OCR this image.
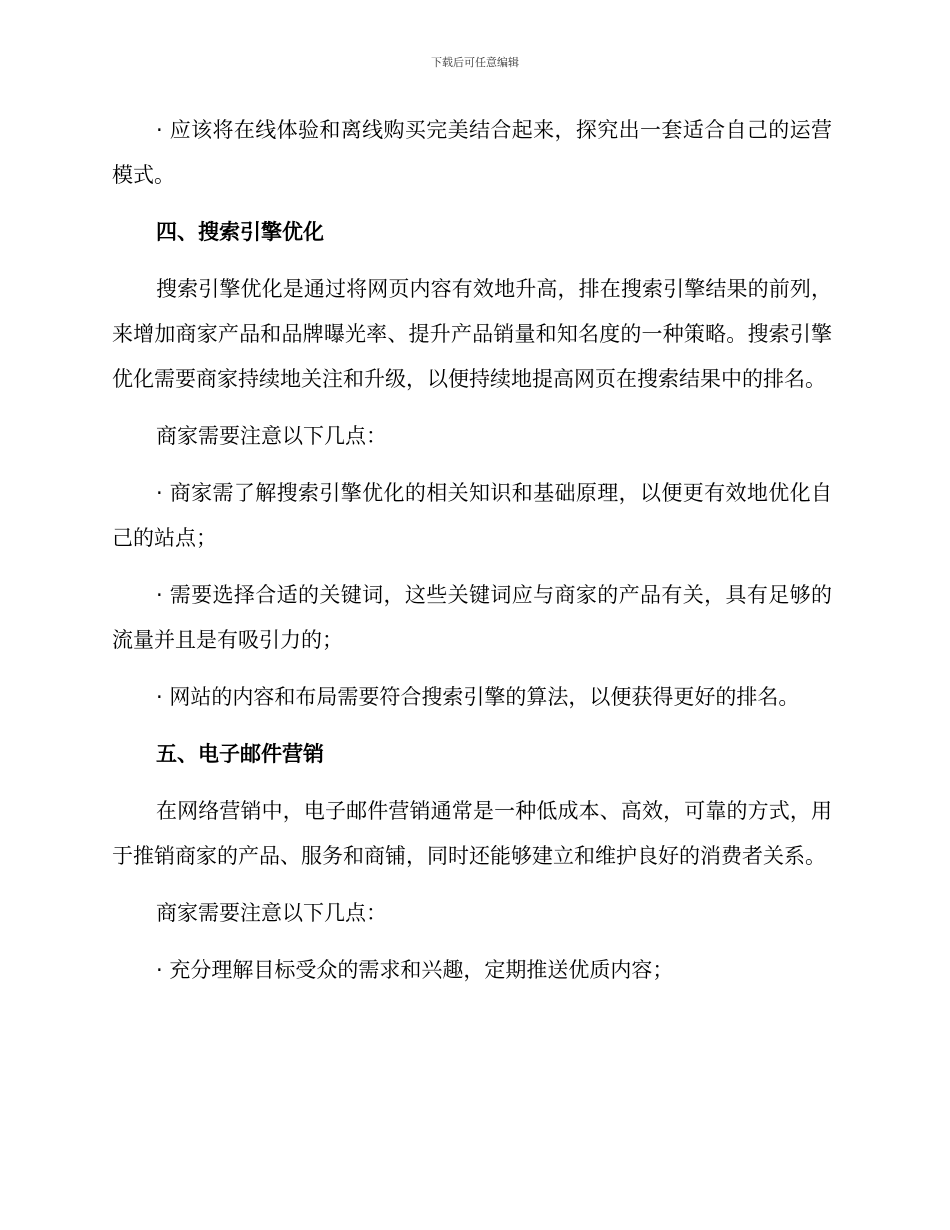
下载后可任意编辑

· 应该将在线体验和离线购买完美结合起来，探究出一套适合自己的运营模式。

四、搜索引擎优化

搜索引擎优化是通过将网页内容有效地升高，排在搜索引擎结果的前列，来增加商家产品和品牌曝光率、提升产品销量和知名度的一种策略。搜索引擎优化需要商家持续地关注和升级，以便持续地提高网页在搜索结果中的排名。

商家需要注意以下几点：

· 商家需了解搜索引擎优化的相关知识和基础原理，以便更有效地优化自己的站点；

· 需要选择合适的关键词，这些关键词应与商家的产品有关，具有足够的流量并且是有吸引力的；

· 网站的内容和布局需要符合搜索引擎的算法，以便获得更好的排名。

五、电子邮件营销

在网络营销中，电子邮件营销通常是一种低成本、高效，可靠的方式，用于推销商家的产品、服务和商铺，同时还能够建立和维护良好的消费者关系。

商家需要注意以下几点：

· 充分理解目标受众的需求和兴趣，定期推送优质内容；
